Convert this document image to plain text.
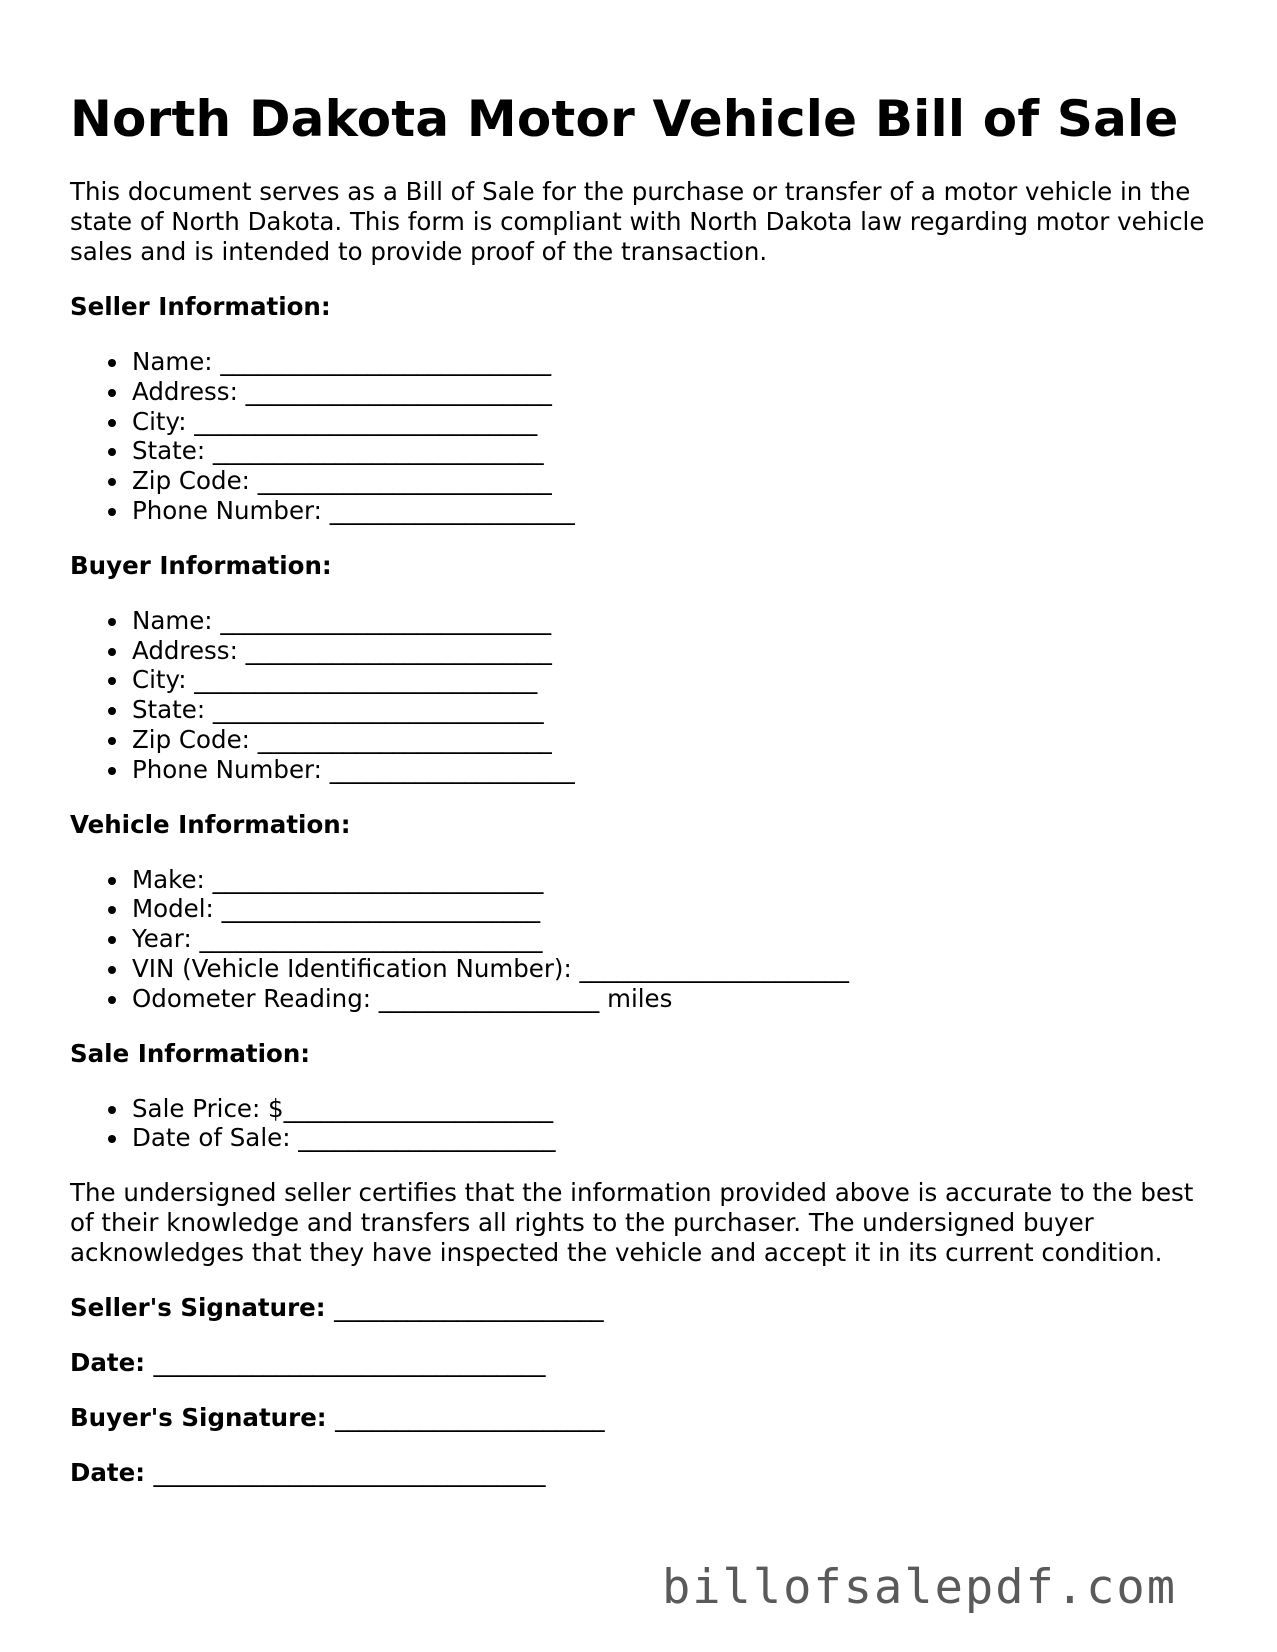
North Dakota Motor Vehicle Bill of Sale

This document serves as a Bill of Sale for the purchase or transfer of a motor vehicle in the state of North Dakota. This form is compliant with North Dakota law regarding motor vehicle sales and is intended to provide proof of the transaction.

Seller Information:

Name: ___________________________
Address: _________________________
City: ____________________________
State: ___________________________
Zip Code: ________________________
Phone Number: ____________________

Buyer Information:

Name: ___________________________
Address: _________________________
City: ____________________________
State: ___________________________
Zip Code: ________________________
Phone Number: ____________________

Vehicle Information:

Make: ___________________________
Model: __________________________
Year: ____________________________
VIN (Vehicle Identification Number): ______________________
Odometer Reading: __________________ miles

Sale Information:

Sale Price: $______________________
Date of Sale: _____________________

The undersigned seller certifies that the information provided above is accurate to the best of their knowledge and transfers all rights to the purchaser. The undersigned buyer acknowledges that they have inspected the vehicle and accept it in its current condition.

Seller's Signature: ______________________

Date: ________________________________

Buyer's Signature: ______________________

Date: ________________________________

billofsalepdf.com
